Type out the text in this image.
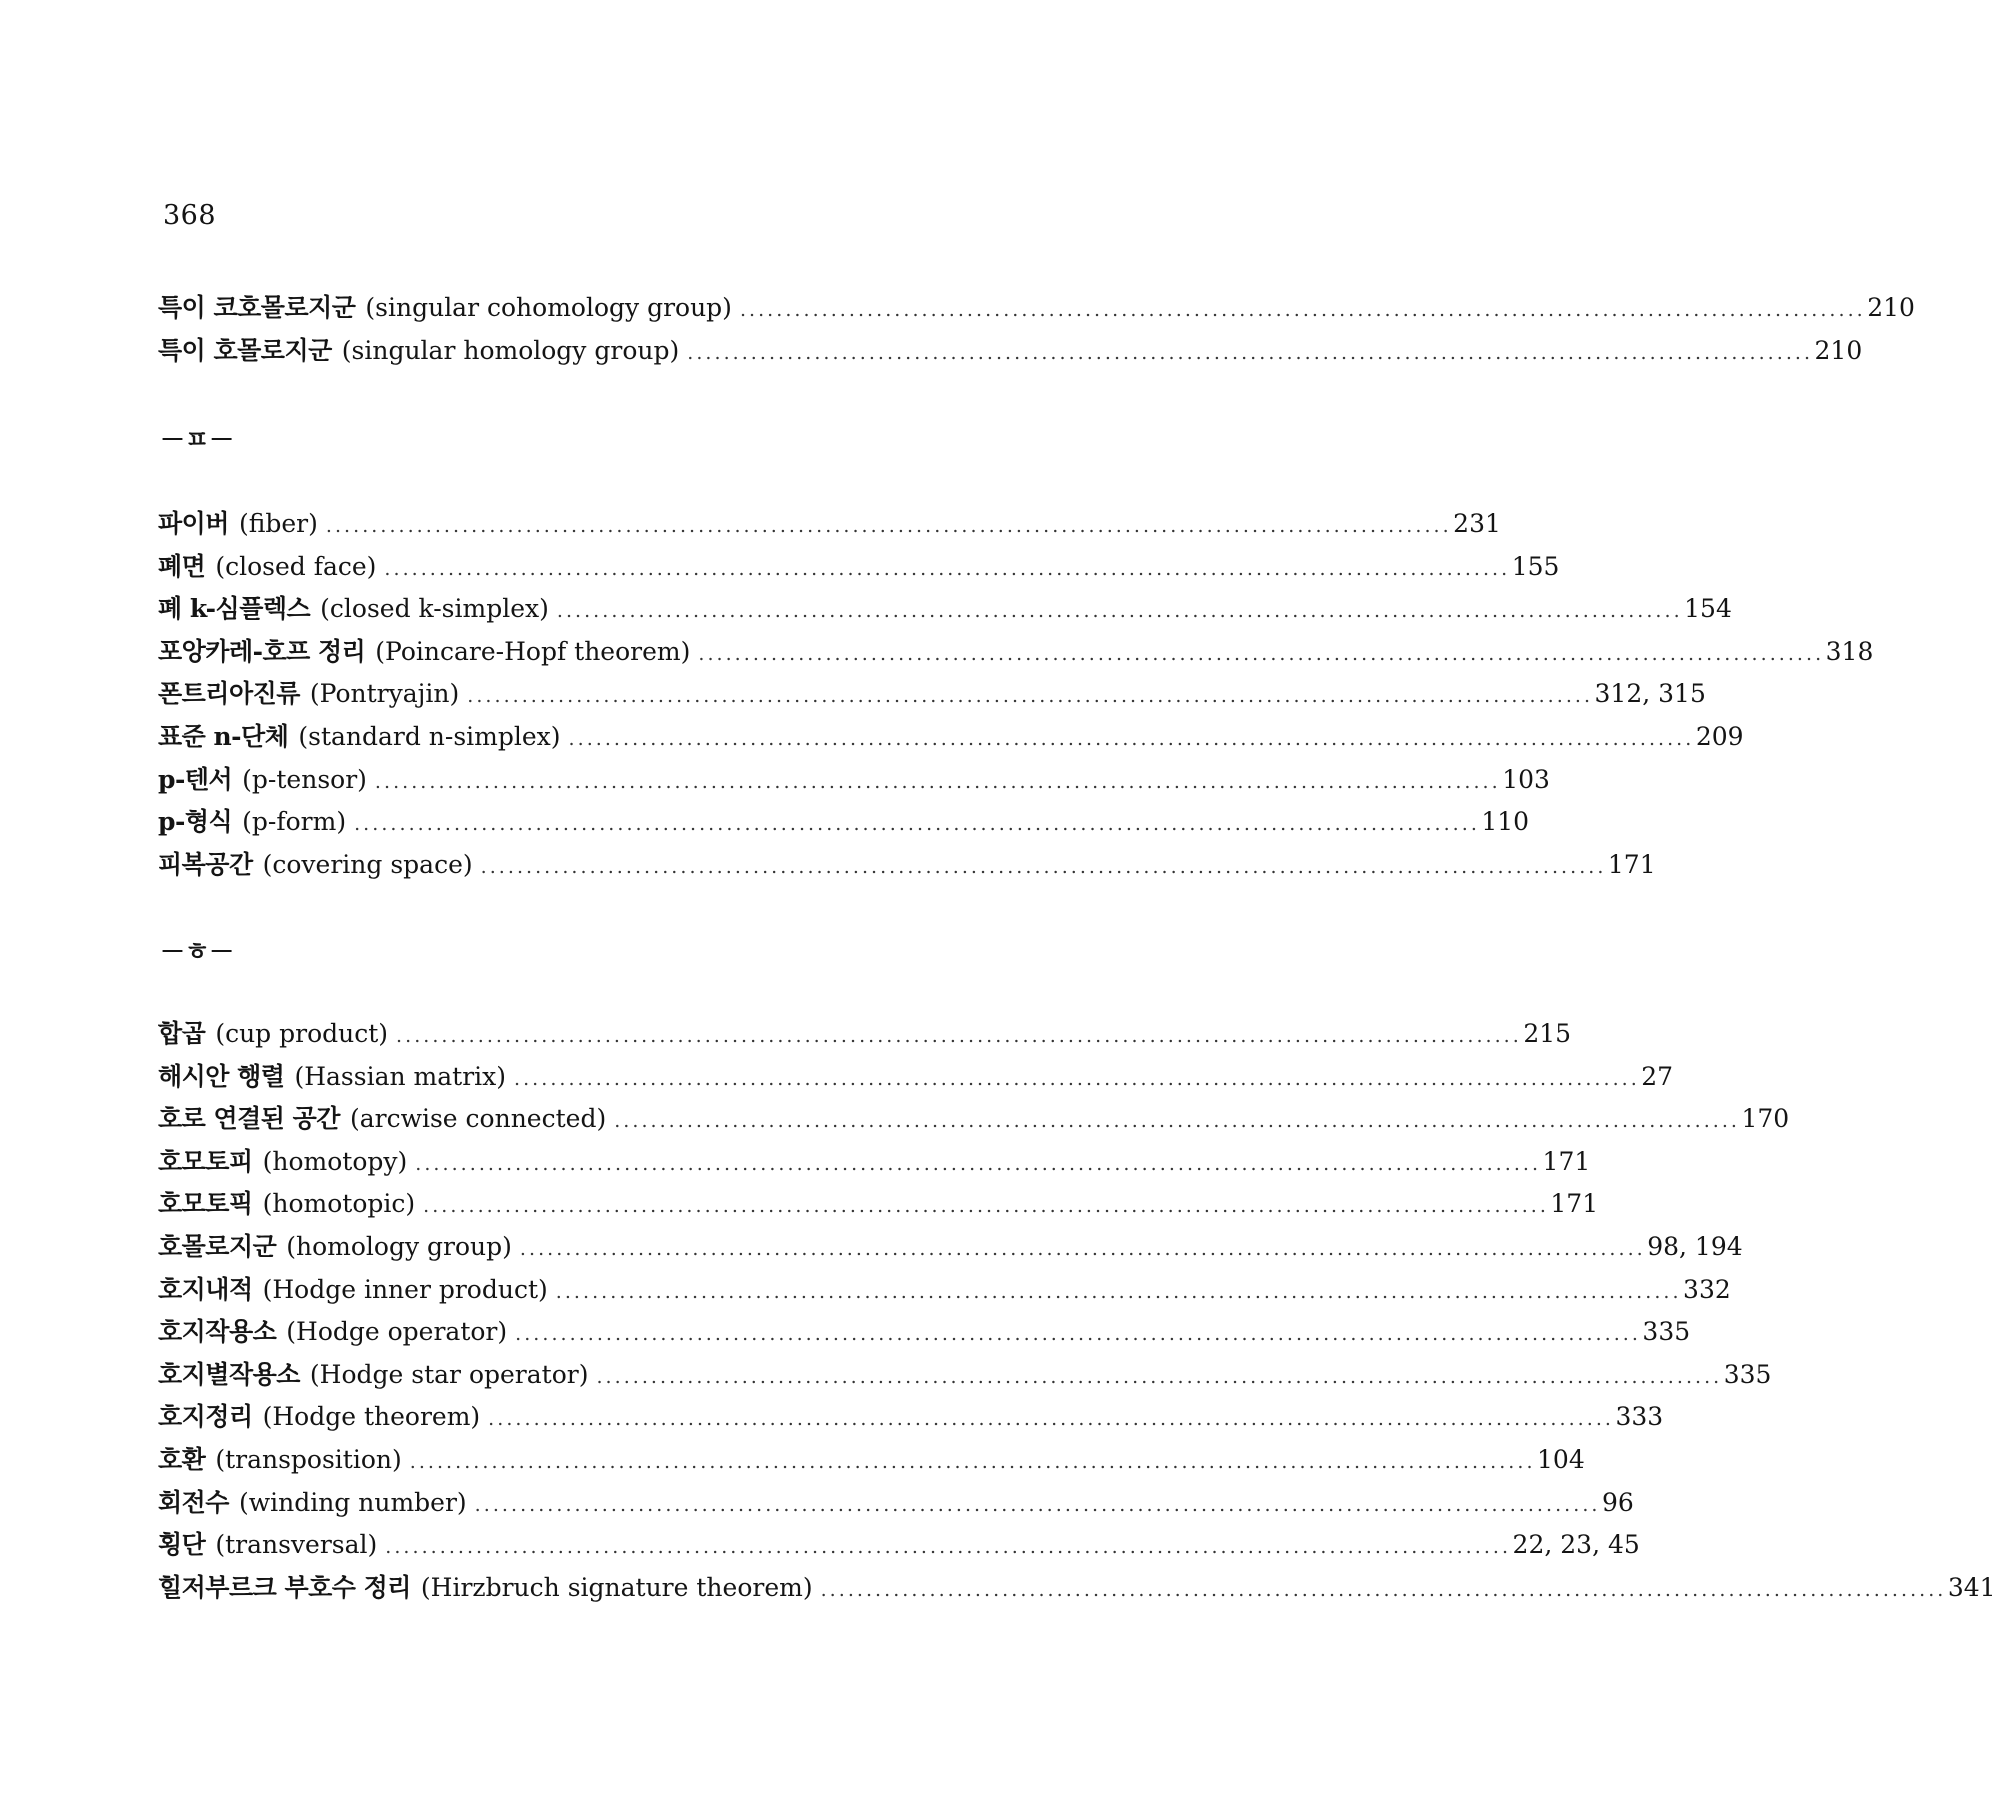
368
특이 코호몰로지군 (singular cohomology group) . . .	210
특이 호몰로지군 (singular homology group) . . .	210
－ㅍ－
파이버 (fiber) . . .	231
폐면 (closed face) . . .	155
폐 k-심플렉스 (closed k-simplex) . . .	154
포앙카레-호프 정리 (Poincare-Hopf theorem) . . .	318
폰트리아진류 (Pontryajin) . . .	312, 315
표준 n-단체 (standard n-simplex) . . .	209
p-텐서 (p-tensor) . . .	103
p-형식 (p-form) . . .	110
피복공간 (covering space) . . .	171
－ㅎ－
합곱 (cup product) . . .	215
해시안 행렬 (Hassian matrix) . . .	27
호로 연결된 공간 (arcwise connected) . . .	170
호모토피 (homotopy) . . .	171
호모토픽 (homotopic) . . .	171
호몰로지군 (homology group) . . .	98, 194
호지내적 (Hodge inner product) . . .	332
호지작용소 (Hodge operator) . . .	335
호지별작용소 (Hodge star operator) . . .	335
호지정리 (Hodge theorem) . . .	333
호환 (transposition) . . .	104
회전수 (winding number) . . .	96
횡단 (transversal) . . .	22, 23, 45
힐저부르크 부호수 정리 (Hirzbruch signature theorem) . . .	341
